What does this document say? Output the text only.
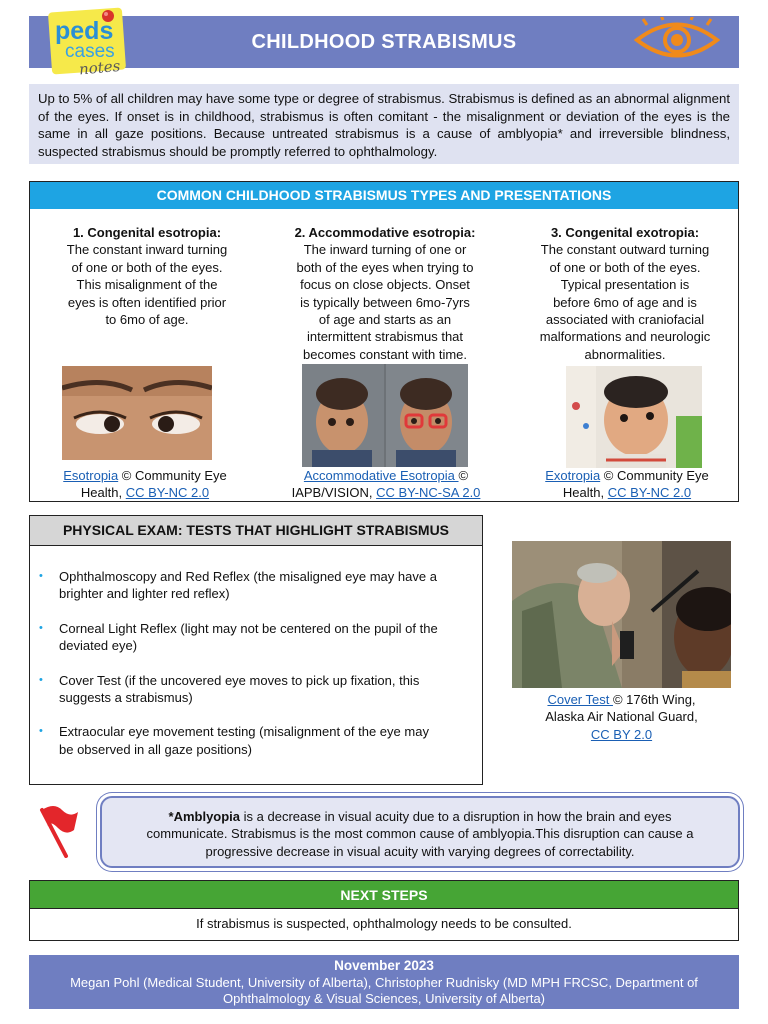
CHILDHOOD STRABISMUS
peds
cases
notes
Up to 5% of all children may have some type or degree of strabismus. Strabismus is defined as an abnormal alignment of the eyes. If onset is in childhood, strabismus is often comitant - the misalignment or deviation of the eyes is the same in all gaze positions. Because untreated strabismus is a cause of amblyopia* and irreversible blindness, suspected strabismus should be promptly referred to ophthalmology.
COMMON CHILDHOOD STRABISMUS TYPES AND PRESENTATIONS
1. Congenital esotropia:
The constant inward turning
of one or both of the eyes.
This misalignment of the
eyes is often identified prior
to 6mo of age.
2. Accommodative esotropia:
The inward turning of one or
both of the eyes when trying to
focus on close objects. Onset
is typically between 6mo-7yrs
of age and starts as an
intermittent strabismus that
becomes constant with time.
3. Congenital exotropia:
The constant outward turning
of one or both of the eyes.
Typical presentation is
before 6mo of age and is
associated with craniofacial
malformations and neurologic
abnormalities.
Esotropia © Community Eye
Health, CC BY-NC 2.0
Accommodative Esotropia ©
IAPB/VISION, CC BY-NC-SA 2.0
Exotropia © Community Eye
Health, CC BY-NC 2.0
PHYSICAL EXAM: TESTS THAT HIGHLIGHT STRABISMUS
• Ophthalmoscopy and Red Reflex (the misaligned eye may have a
brighter and lighter red reflex)
• Corneal Light Reflex (light may not be centered on the pupil of the
deviated eye)
• Cover Test (if the uncovered eye moves to pick up fixation, this
suggests a strabismus)
• Extraocular eye movement testing (misalignment of the eye may
be observed in all gaze positions)
Cover Test © 176th Wing,
Alaska Air National Guard,
CC BY 2.0
*Amblyopia is a decrease in visual acuity due to a disruption in how the brain and eyes
communicate. Strabismus is the most common cause of amblyopia.This disruption can cause a
progressive decrease in visual acuity with varying degrees of correctability.
NEXT STEPS
If strabismus is suspected, ophthalmology needs to be consulted.
November 2023
Megan Pohl (Medical Student, University of Alberta), Christopher Rudnisky (MD MPH FRCSC, Department of
Ophthalmology & Visual Sciences, University of Alberta)
